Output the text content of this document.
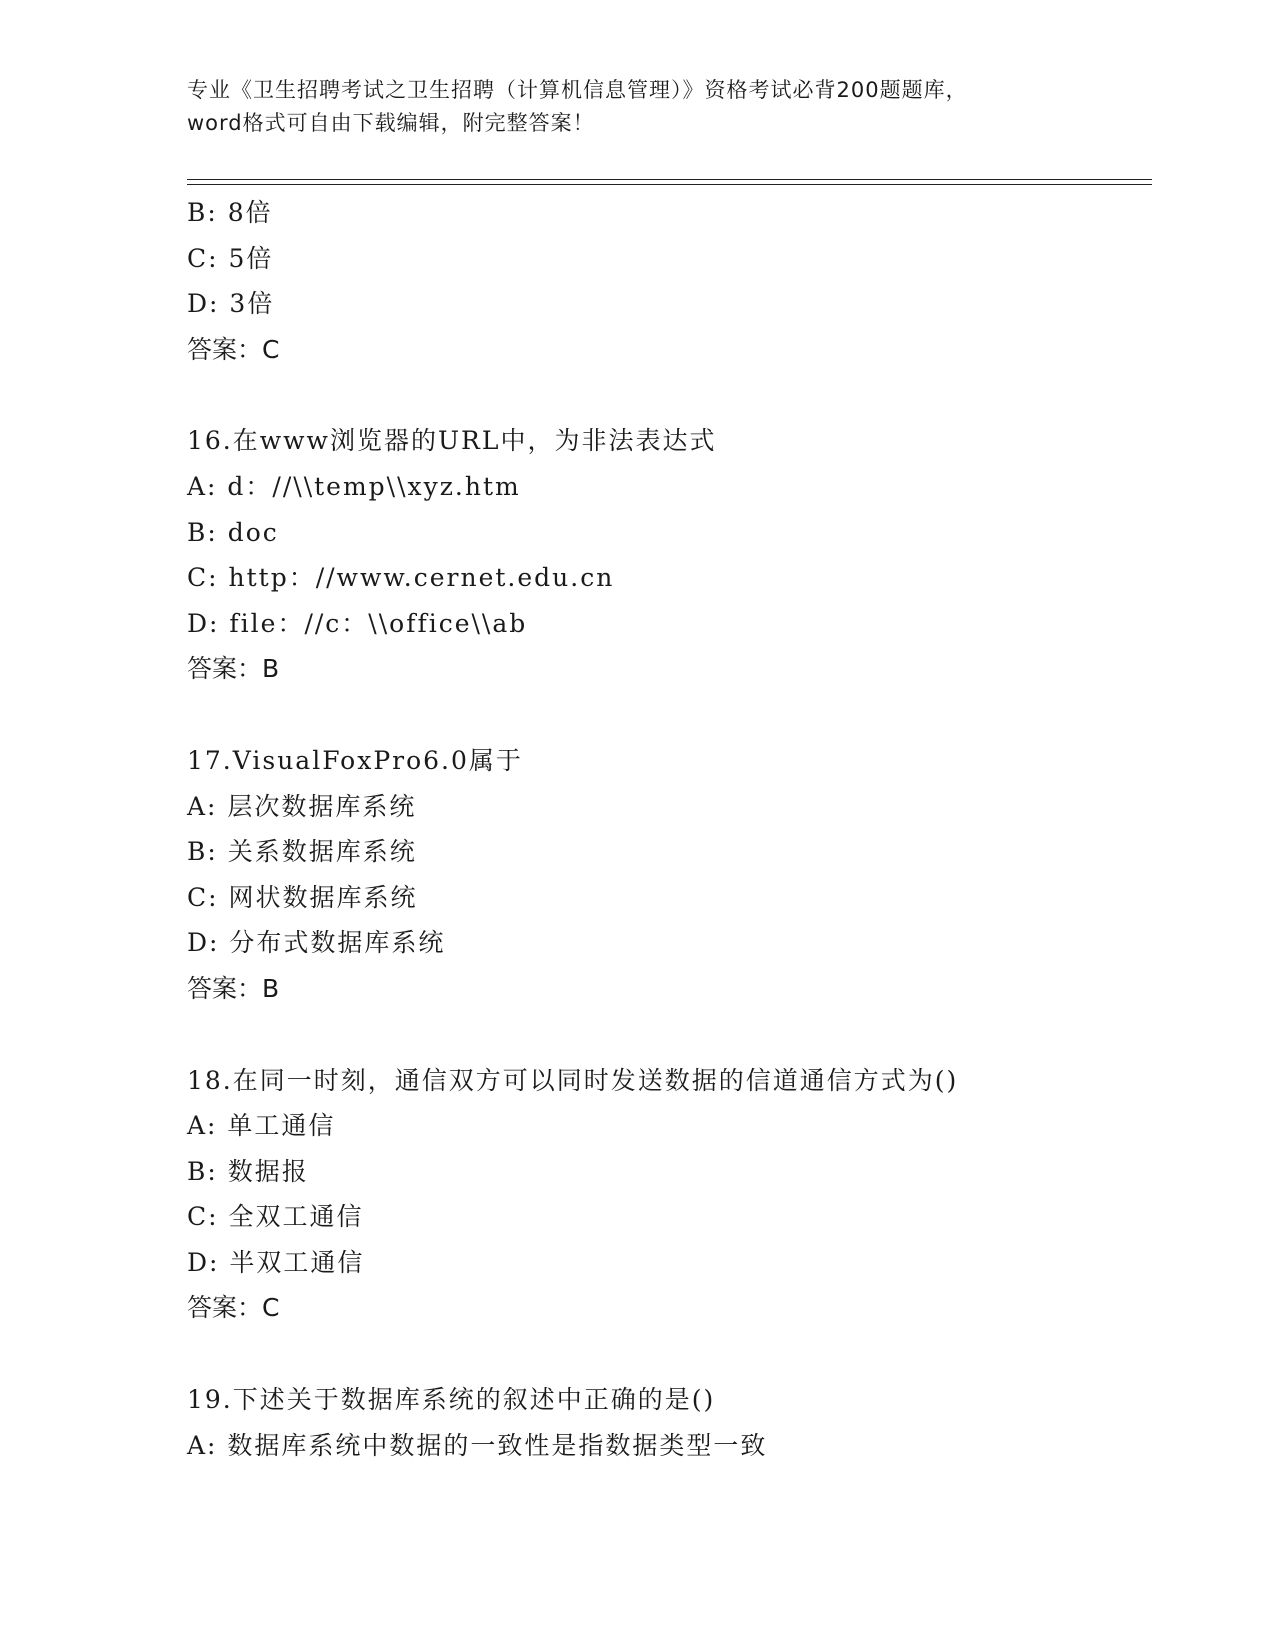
专业《卫生招聘考试之卫生招聘（计算机信息管理）》资格考试必背200题题库，
word格式可自由下载编辑，附完整答案！
B: 8倍
C: 5倍
D: 3倍
答案：C
16.在www浏览器的URL中，为非法表达式
A: d：//\\temp\\xyz.htm
B: doc
C: http：//www.cernet.edu.cn
D: file：//c：\\office\\ab
答案：B
17.VisualFoxPro6.0属于
A: 层次数据库系统
B: 关系数据库系统
C: 网状数据库系统
D: 分布式数据库系统
答案：B
18.在同一时刻，通信双方可以同时发送数据的信道通信方式为()
A: 单工通信
B: 数据报
C: 全双工通信
D: 半双工通信
答案：C
19.下述关于数据库系统的叙述中正确的是()
A: 数据库系统中数据的一致性是指数据类型一致
